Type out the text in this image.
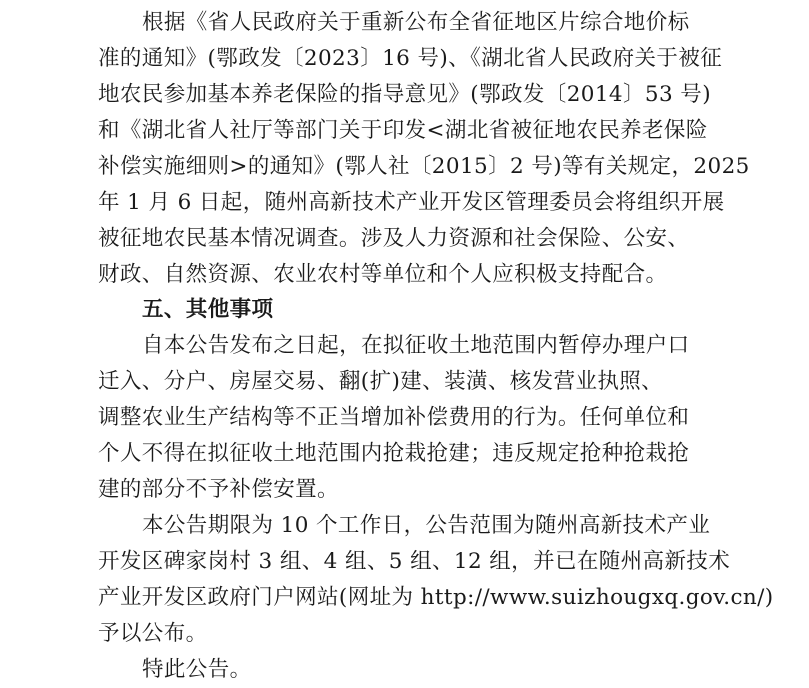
根据《省人民政府关于重新公布全省征地区片综合地价标
准的通知》(鄂政发〔2023〕16 号)、《湖北省人民政府关于被征
地农民参加基本养老保险的指导意见》(鄂政发〔2014〕53 号)
和《湖北省人社厅等部门关于印发<湖北省被征地农民养老保险
补偿实施细则>的通知》(鄂人社〔2015〕2 号)等有关规定，2025
年 1 月 6 日起，随州高新技术产业开发区管理委员会将组织开展
被征地农民基本情况调查。涉及人力资源和社会保险、公安、
财政、自然资源、农业农村等单位和个人应积极支持配合。
五、其他事项
自本公告发布之日起，在拟征收土地范围内暂停办理户口
迁入、分户、房屋交易、翻(扩)建、装潢、核发营业执照、
调整农业生产结构等不正当增加补偿费用的行为。任何单位和
个人不得在拟征收土地范围内抢栽抢建；违反规定抢种抢栽抢
建的部分不予补偿安置。
本公告期限为 10 个工作日，公告范围为随州高新技术产业
开发区碑家岗村 3 组、4 组、5 组、12 组，并已在随州高新技术
产业开发区政府门户网站(网址为 http://www.suizhougxq.gov.cn/)
予以公布。
特此公告。
